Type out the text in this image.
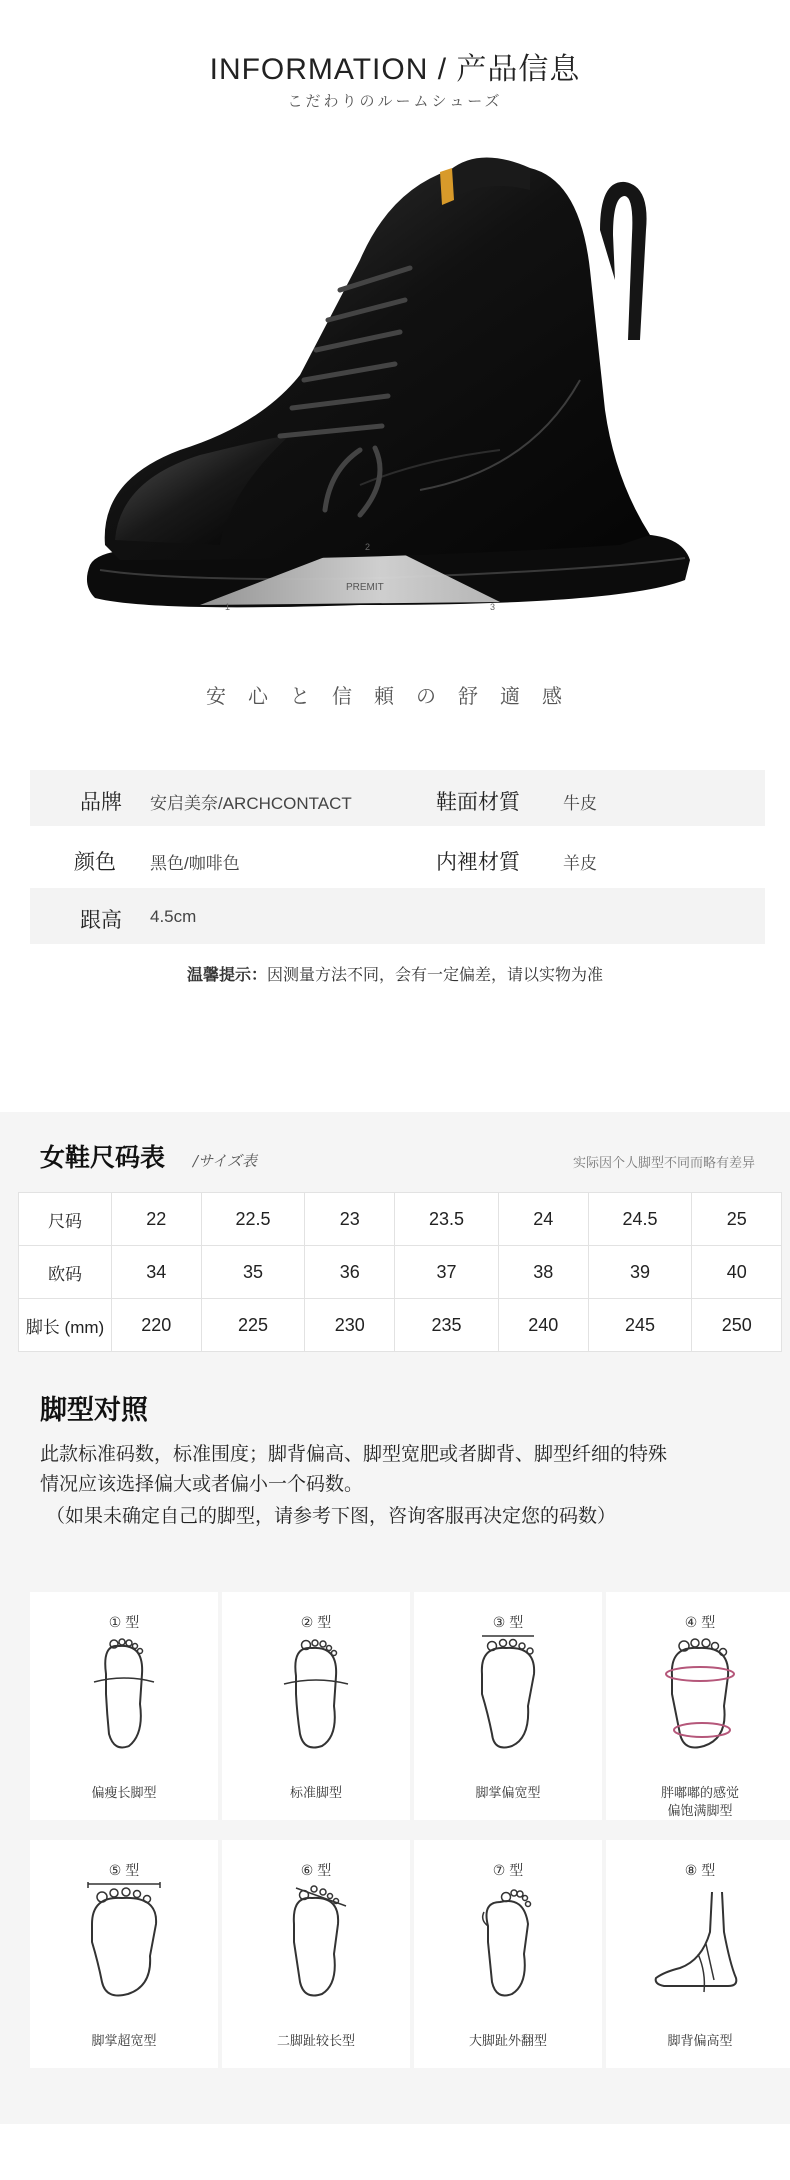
INFORMATION / 产品信息
こだわりのルームシューズ
PREMIT
1
2
3
安心と信頼の舒適感
品牌 安启美奈/ARCHCONTACT	鞋面材質	牛皮
颜色 黑色/咖啡色	内裡材質	羊皮
跟高 4.5cm
温馨提示：因测量方法不同，会有一定偏差，请以实物为准
女鞋尺码表 /サイズ表	实际因个人脚型不同而略有差异
尺码	22	22.5	23	23.5	24	24.5	25
欧码	34	35	36	37	38	39	40
脚长 (mm)	220	225	230	235	240	245	250
脚型对照
此款标准码数，标准围度；脚背偏高、脚型宽肥或者脚背、脚型纤细的特殊
情况应该选择偏大或者偏小一个码数。
（如果未确定自己的脚型，请参考下图，咨询客服再决定您的码数）
① 型
偏瘦长脚型
② 型
标准脚型
③ 型
脚掌偏宽型
④ 型
胖嘟嘟的感觉
偏饱满脚型
⑤ 型
脚掌超宽型
⑥ 型
二脚趾较长型
⑦ 型
大脚趾外翻型
⑧ 型
脚背偏高型
